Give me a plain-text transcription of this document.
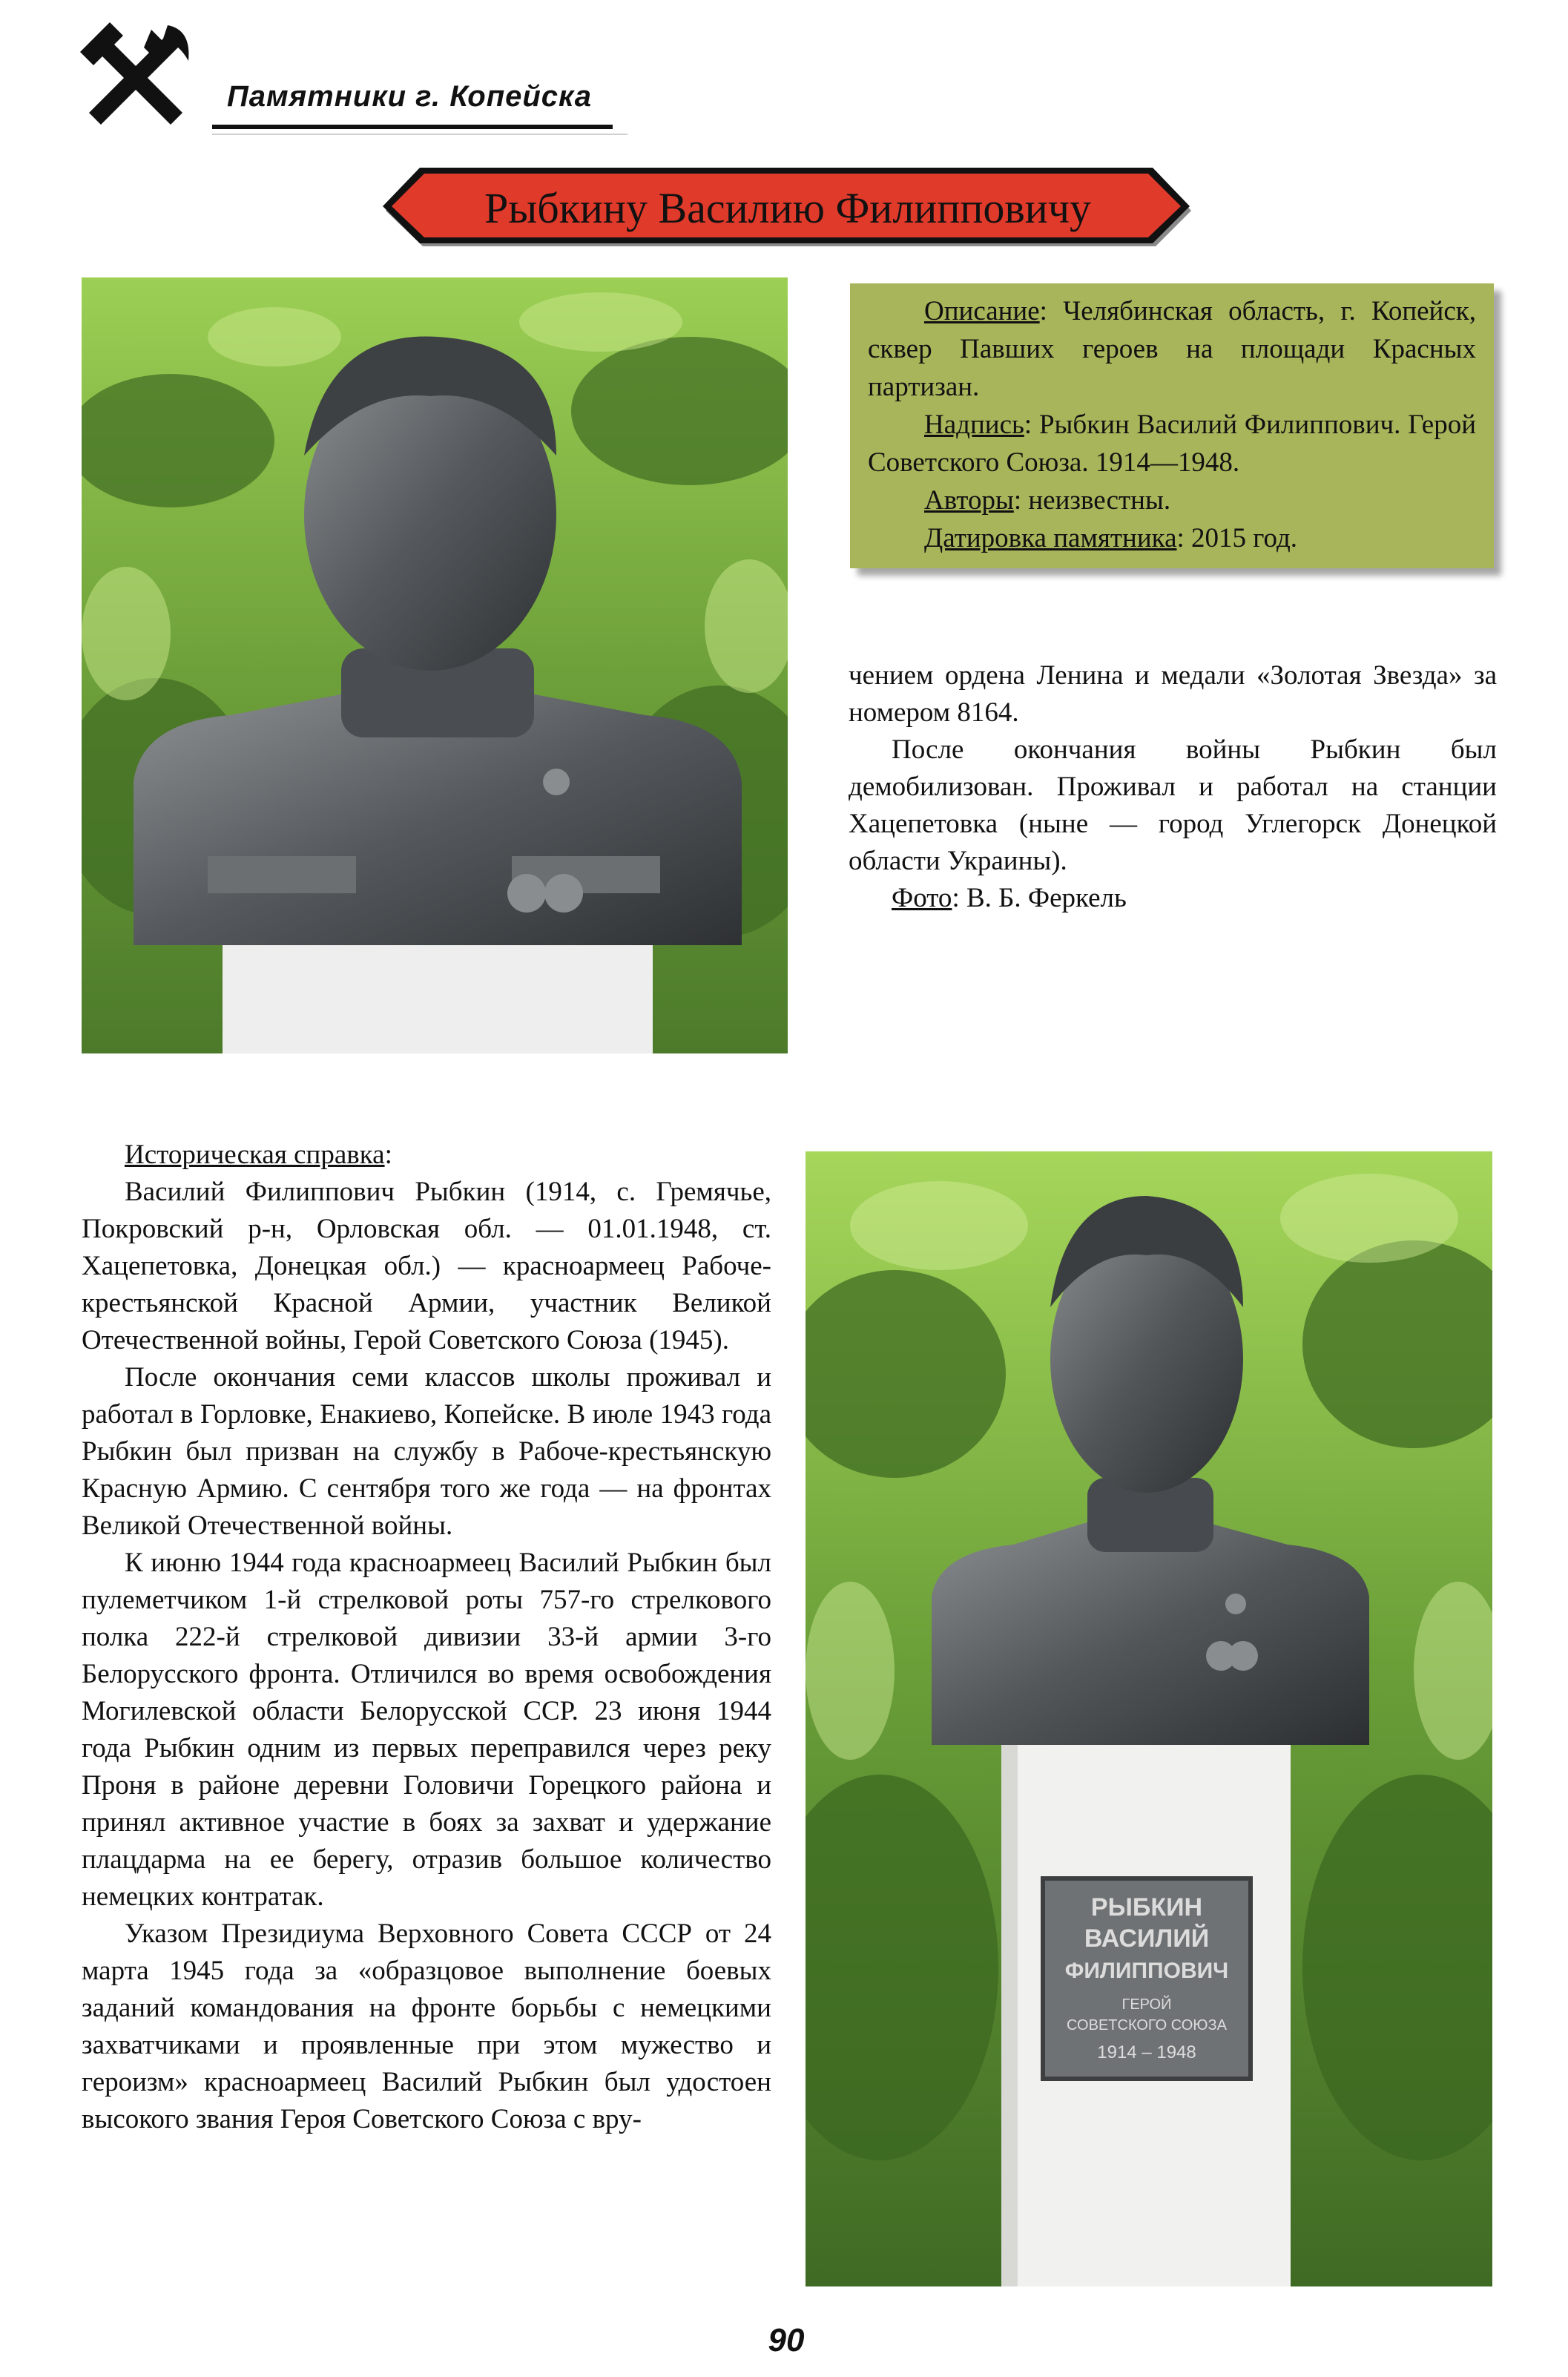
Памятники г. Копейска
Рыбкину Василию Филипповичу

Описание: Челябинская область, г. Копейск, сквер Павших героев на площади Красных партизан.

Надпись: Рыбкин Василий Филиппович. Герой Советского Союза. 1914—1948.

Авторы: неизвестны.

Датировка памятника: 2015 год.

чением ордена Ленина и медали «Золотая Звезда» за номером 8164.

После окончания войны Рыбкин был демобилизован. Проживал и работал на станции Хацепетовка (ныне — город Углегорск Донецкой области Украины).

Фото: В. Б. Феркель

Историческая справка:

Василий Филиппович Рыбкин (1914, с. Гремячье, Покровский р-н, Орловская обл. — 01.01.1948, ст. Хацепетовка, Донецкая обл.) — красноармеец Рабоче-крестьянской Красной Армии, участник Великой Отечественной войны, Герой Советского Союза (1945).

После окончания семи классов школы проживал и работал в Горловке, Енакиево, Копейске. В июле 1943 года Рыбкин был призван на службу в Рабоче-крестьянскую Красную Армию. С сентября того же года — на фронтах Великой Отечественной войны.

К июню 1944 года красноармеец Василий Рыбкин был пулеметчиком 1-й стрелковой роты 757-го стрелкового полка 222-й стрелковой дивизии 33-й армии 3-го Белорусского фронта. Отличился во время освобождения Могилевской области Белорусской ССР. 23 июня 1944 года Рыбкин одним из первых переправился через реку Проня в районе деревни Головичи Горецкого района и принял активное участие в боях за захват и удержание плацдарма на ее берегу, отразив большое количество немецких контратак.

Указом Президиума Верховного Совета СССР от 24 марта 1945 года за «образцовое выполнение боевых заданий командования на фронте борьбы с немецкими захватчиками и проявленные при этом мужество и героизм» красноармеец Василий Рыбкин был удостоен высокого звания Героя Советского Союза с вру-

РЫБКИН
ВАСИЛИЙ
ФИЛИППОВИЧ
ГЕРОЙ
СОВЕТСКОГО СОЮЗА
1914 – 1948
90
